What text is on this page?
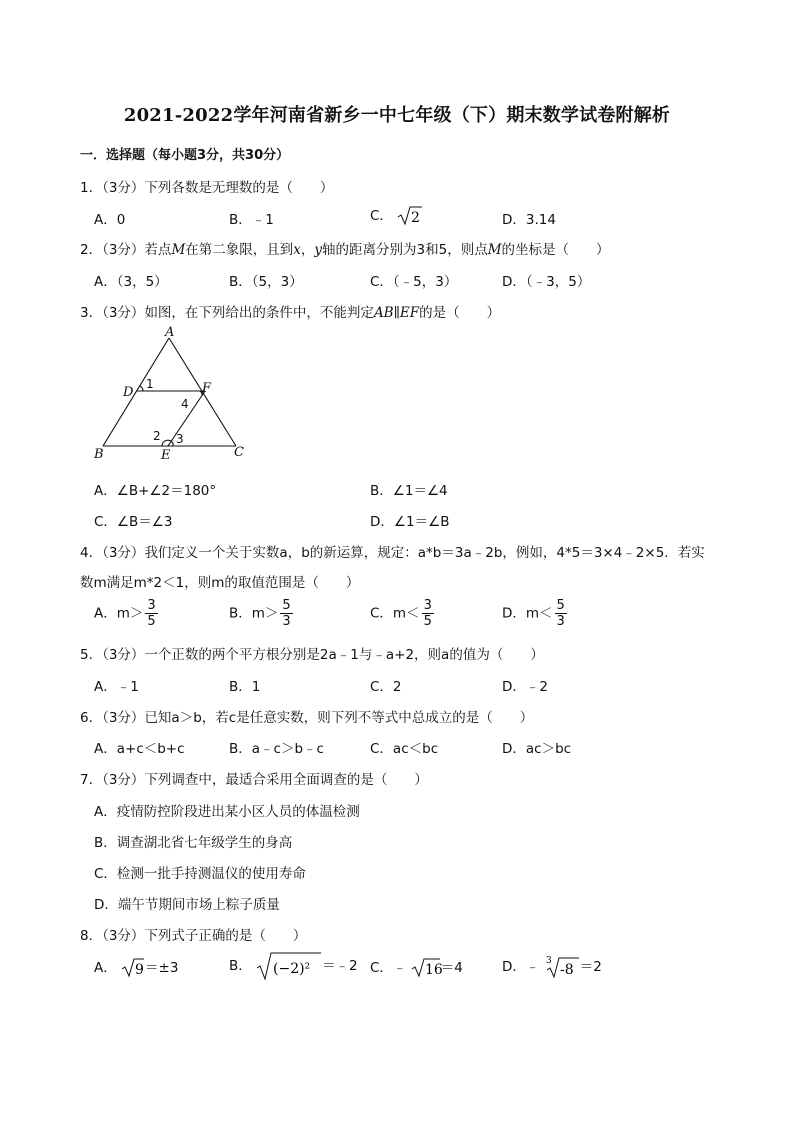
2021-2022学年河南省新乡一中七年级（下）期末数学试卷附解析
一．选择题（每小题3分，共30分）
1．（3分）下列各数是无理数的是（　　）
A．0	B．﹣1	C． 2	D．3.14
2．（3分）若点M在第二象限，且到x，y轴的距离分别为3和5，则点M的坐标是（　　）
A．（3，5）	B．（5，3）	C．（﹣5，3）	D．（﹣3，5）
3．（3分）如图，在下列给出的条件中，不能判定AB∥EF的是（　　）
A
D	F
B	E	C
1
4
2 3
A．∠B+∠2＝180°	B．∠1＝∠4
C．∠B＝∠3	D．∠1＝∠B
4．（3分）我们定义一个关于实数a，b的新运算，规定：a*b＝3a﹣2b，例如，4*5＝3×4﹣2×5．若实
数m满足m*2＜1，则m的取值范围是（　　）
A．$m> \frac{3}{5}$	B．$m> \frac{5}{3}$	C．$m< \frac{3}{5}$	D．$m< \frac{5}{3}$
5．（3分）一个正数的两个平方根分别是2a﹣1与﹣a+2，则a的值为（　　）
A．﹣1	B．1	C．2	D．﹣2
6．（3分）已知a＞b，若c是任意实数，则下列不等式中总成立的是（　　）
A．a+c＜b+c	B．a﹣c＞b﹣c	C．ac＜bc	D．ac＞bc
7．（3分）下列调查中，最适合采用全面调查的是（　　）
A．疫情防控阶段进出某小区人员的体温检测
B．调查湖北省七年级学生的身高
C．检测一批手持测温仪的使用寿命
D．端午节期间市场上粽子质量
8．（3分）下列式子正确的是（　　）
A． 9 ＝±3	B． (−2)² ＝﹣2 C．﹣ 16
＝4	D．﹣ 3
-8 ＝2
